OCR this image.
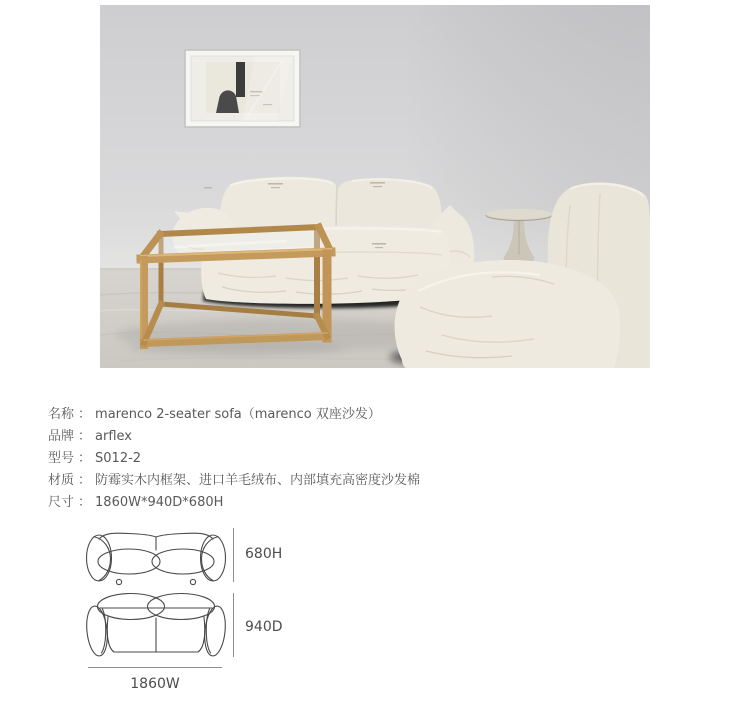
名称 ： marenco 2-seater sofa（marenco 双座沙发）
品牌 ： arflex
型号 ： S012-2
材质 ： 防霉实木内框架、进口羊毛绒布、内部填充高密度沙发棉
尺寸 ： 1860W*940D*680H
680H
940D
1860W
